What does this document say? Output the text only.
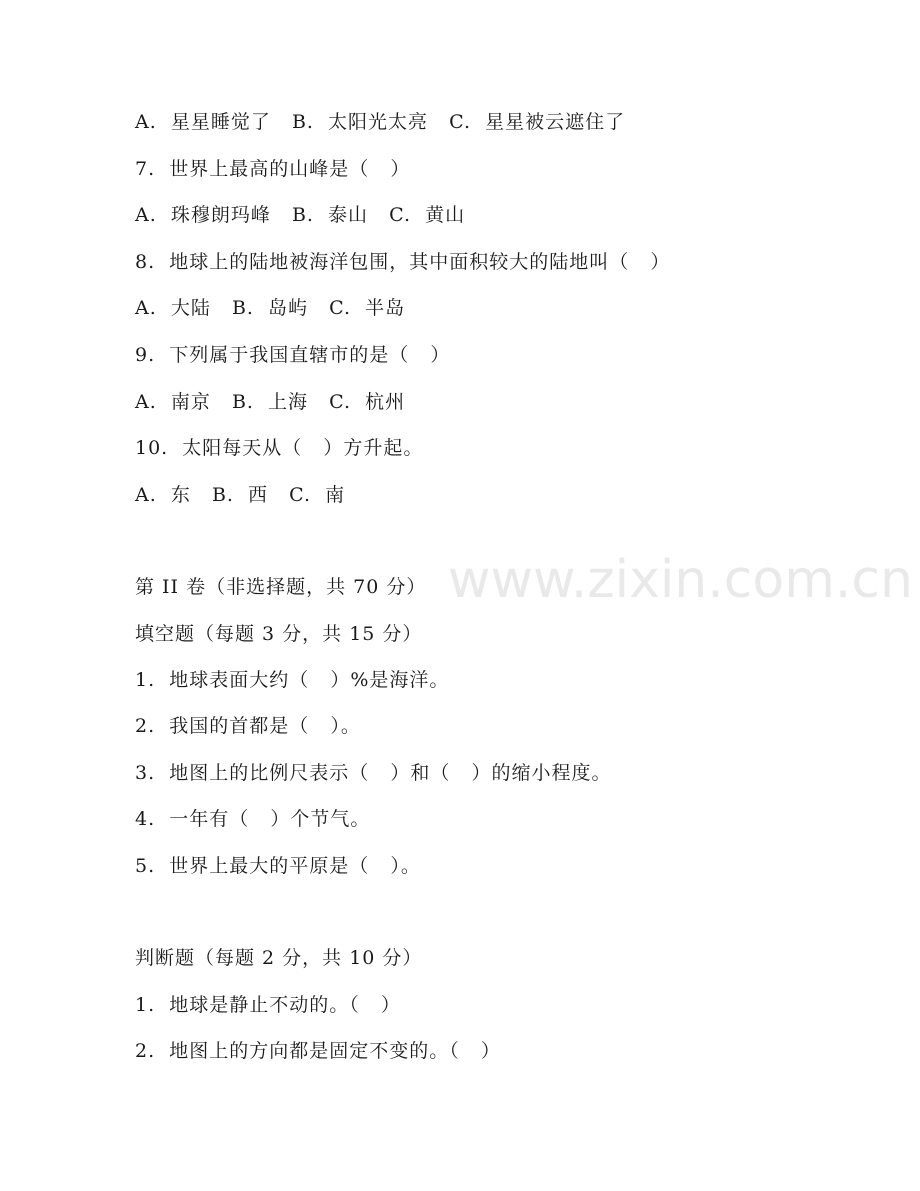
www.zixin.com.cn
A.  星星睡觉了   B.  太阳光太亮   C.  星星被云遮住了
7.  世界上最高的山峰是（   ）
A.  珠穆朗玛峰   B.  泰山   C.  黄山
8.  地球上的陆地被海洋包围，其中面积较大的陆地叫（   ）
A.  大陆   B.  岛屿   C.  半岛
9.  下列属于我国直辖市的是（   ）
A.  南京   B.  上海   C.  杭州
10.  太阳每天从（   ）方升起。
A.  东   B.  西   C.  南
第 II 卷（非选择题，共 70 分）
填空题（每题 3 分，共 15 分）
1.  地球表面大约（   ）%是海洋。
2.  我国的首都是（   ）。
3.  地图上的比例尺表示（   ）和（   ）的缩小程度。
4.  一年有（   ）个节气。
5.  世界上最大的平原是（   ）。
判断题（每题 2 分，共 10 分）
1.  地球是静止不动的。（   ）
2.  地图上的方向都是固定不变的。（   ）
